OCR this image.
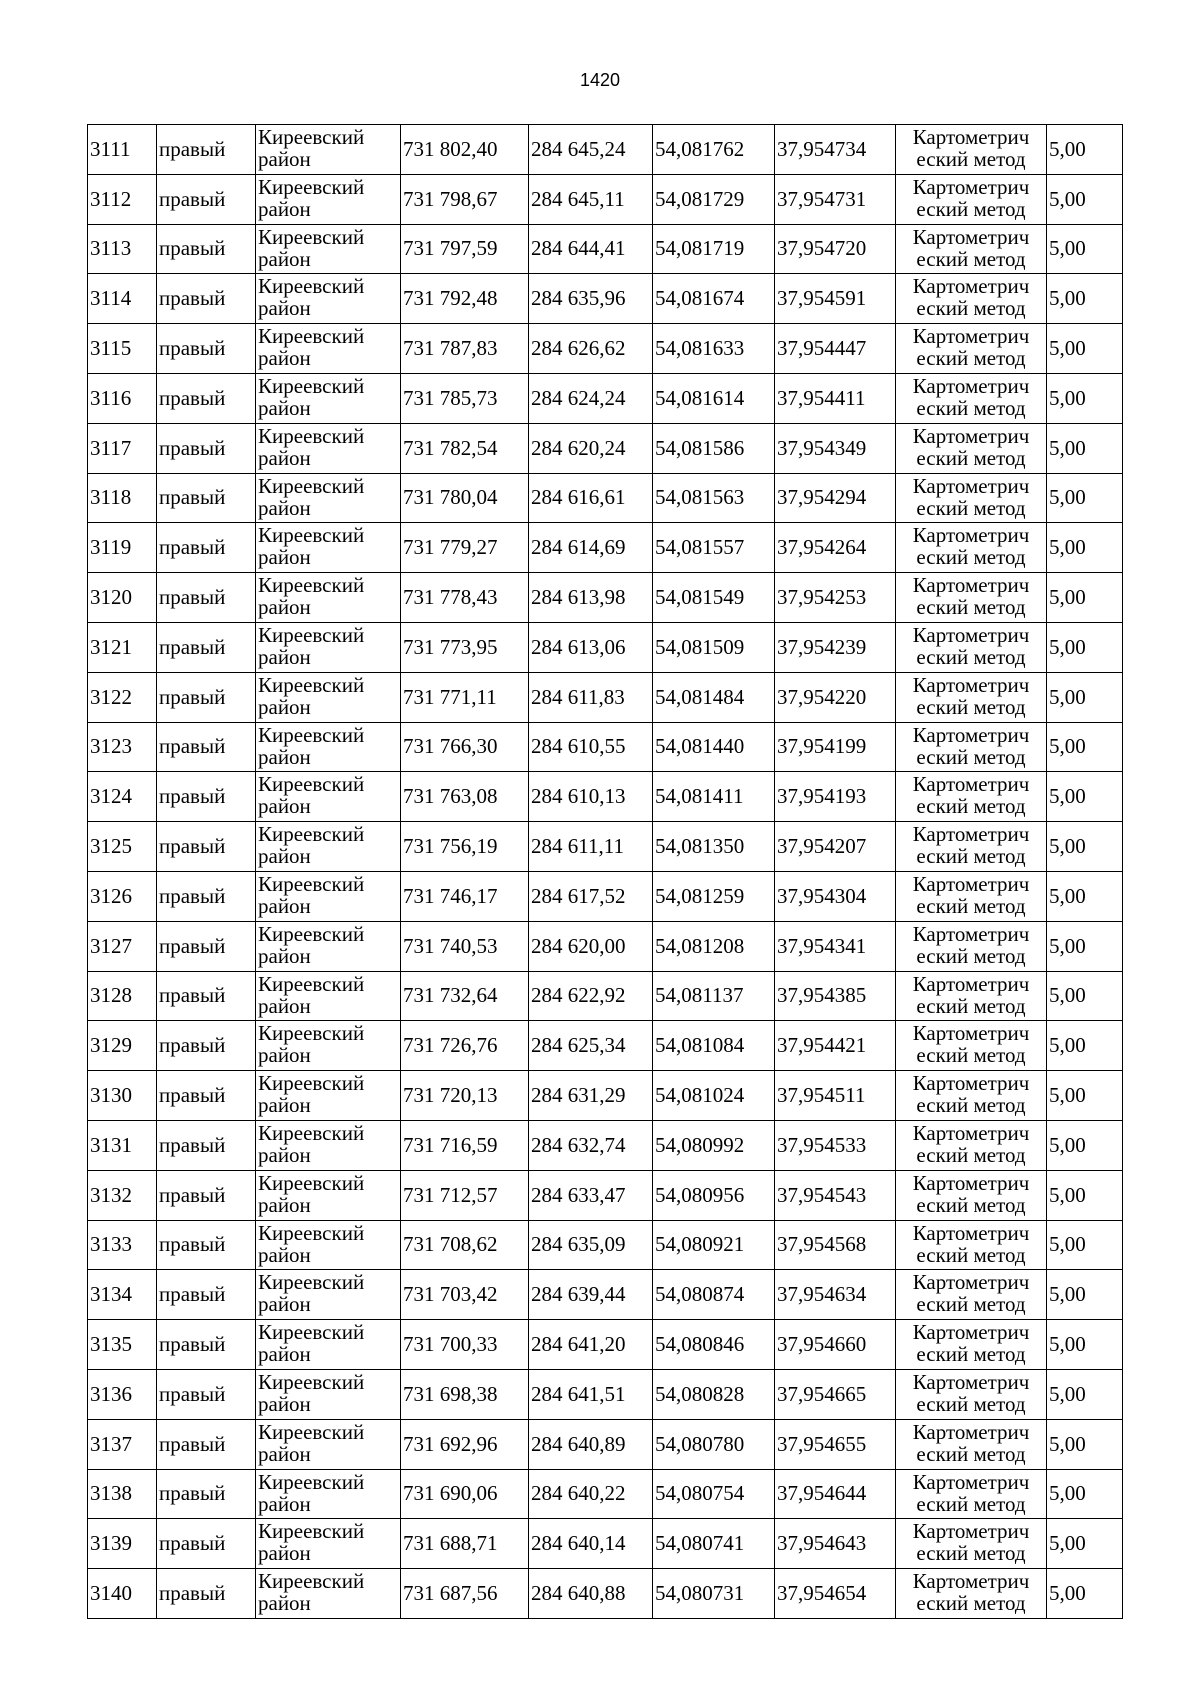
1420
3111	правый	Киреевский район	731 802,40	284 645,24	54,081762	37,954734	Картометрич еский метод	5,00
3112	правый	Киреевский район	731 798,67	284 645,11	54,081729	37,954731	Картометрич еский метод	5,00
3113	правый	Киреевский район	731 797,59	284 644,41	54,081719	37,954720	Картометрич еский метод	5,00
3114	правый	Киреевский район	731 792,48	284 635,96	54,081674	37,954591	Картометрич еский метод	5,00
3115	правый	Киреевский район	731 787,83	284 626,62	54,081633	37,954447	Картометрич еский метод	5,00
3116	правый	Киреевский район	731 785,73	284 624,24	54,081614	37,954411	Картометрич еский метод	5,00
3117	правый	Киреевский район	731 782,54	284 620,24	54,081586	37,954349	Картометрич еский метод	5,00
3118	правый	Киреевский район	731 780,04	284 616,61	54,081563	37,954294	Картометрич еский метод	5,00
3119	правый	Киреевский район	731 779,27	284 614,69	54,081557	37,954264	Картометрич еский метод	5,00
3120	правый	Киреевский район	731 778,43	284 613,98	54,081549	37,954253	Картометрич еский метод	5,00
3121	правый	Киреевский район	731 773,95	284 613,06	54,081509	37,954239	Картометрич еский метод	5,00
3122	правый	Киреевский район	731 771,11	284 611,83	54,081484	37,954220	Картометрич еский метод	5,00
3123	правый	Киреевский район	731 766,30	284 610,55	54,081440	37,954199	Картометрич еский метод	5,00
3124	правый	Киреевский район	731 763,08	284 610,13	54,081411	37,954193	Картометрич еский метод	5,00
3125	правый	Киреевский район	731 756,19	284 611,11	54,081350	37,954207	Картометрич еский метод	5,00
3126	правый	Киреевский район	731 746,17	284 617,52	54,081259	37,954304	Картометрич еский метод	5,00
3127	правый	Киреевский район	731 740,53	284 620,00	54,081208	37,954341	Картометрич еский метод	5,00
3128	правый	Киреевский район	731 732,64	284 622,92	54,081137	37,954385	Картометрич еский метод	5,00
3129	правый	Киреевский район	731 726,76	284 625,34	54,081084	37,954421	Картометрич еский метод	5,00
3130	правый	Киреевский район	731 720,13	284 631,29	54,081024	37,954511	Картометрич еский метод	5,00
3131	правый	Киреевский район	731 716,59	284 632,74	54,080992	37,954533	Картометрич еский метод	5,00
3132	правый	Киреевский район	731 712,57	284 633,47	54,080956	37,954543	Картометрич еский метод	5,00
3133	правый	Киреевский район	731 708,62	284 635,09	54,080921	37,954568	Картометрич еский метод	5,00
3134	правый	Киреевский район	731 703,42	284 639,44	54,080874	37,954634	Картометрич еский метод	5,00
3135	правый	Киреевский район	731 700,33	284 641,20	54,080846	37,954660	Картометрич еский метод	5,00
3136	правый	Киреевский район	731 698,38	284 641,51	54,080828	37,954665	Картометрич еский метод	5,00
3137	правый	Киреевский район	731 692,96	284 640,89	54,080780	37,954655	Картометрич еский метод	5,00
3138	правый	Киреевский район	731 690,06	284 640,22	54,080754	37,954644	Картометрич еский метод	5,00
3139	правый	Киреевский район	731 688,71	284 640,14	54,080741	37,954643	Картометрич еский метод	5,00
3140	правый	Киреевский район	731 687,56	284 640,88	54,080731	37,954654	Картометрич еский метод	5,00
